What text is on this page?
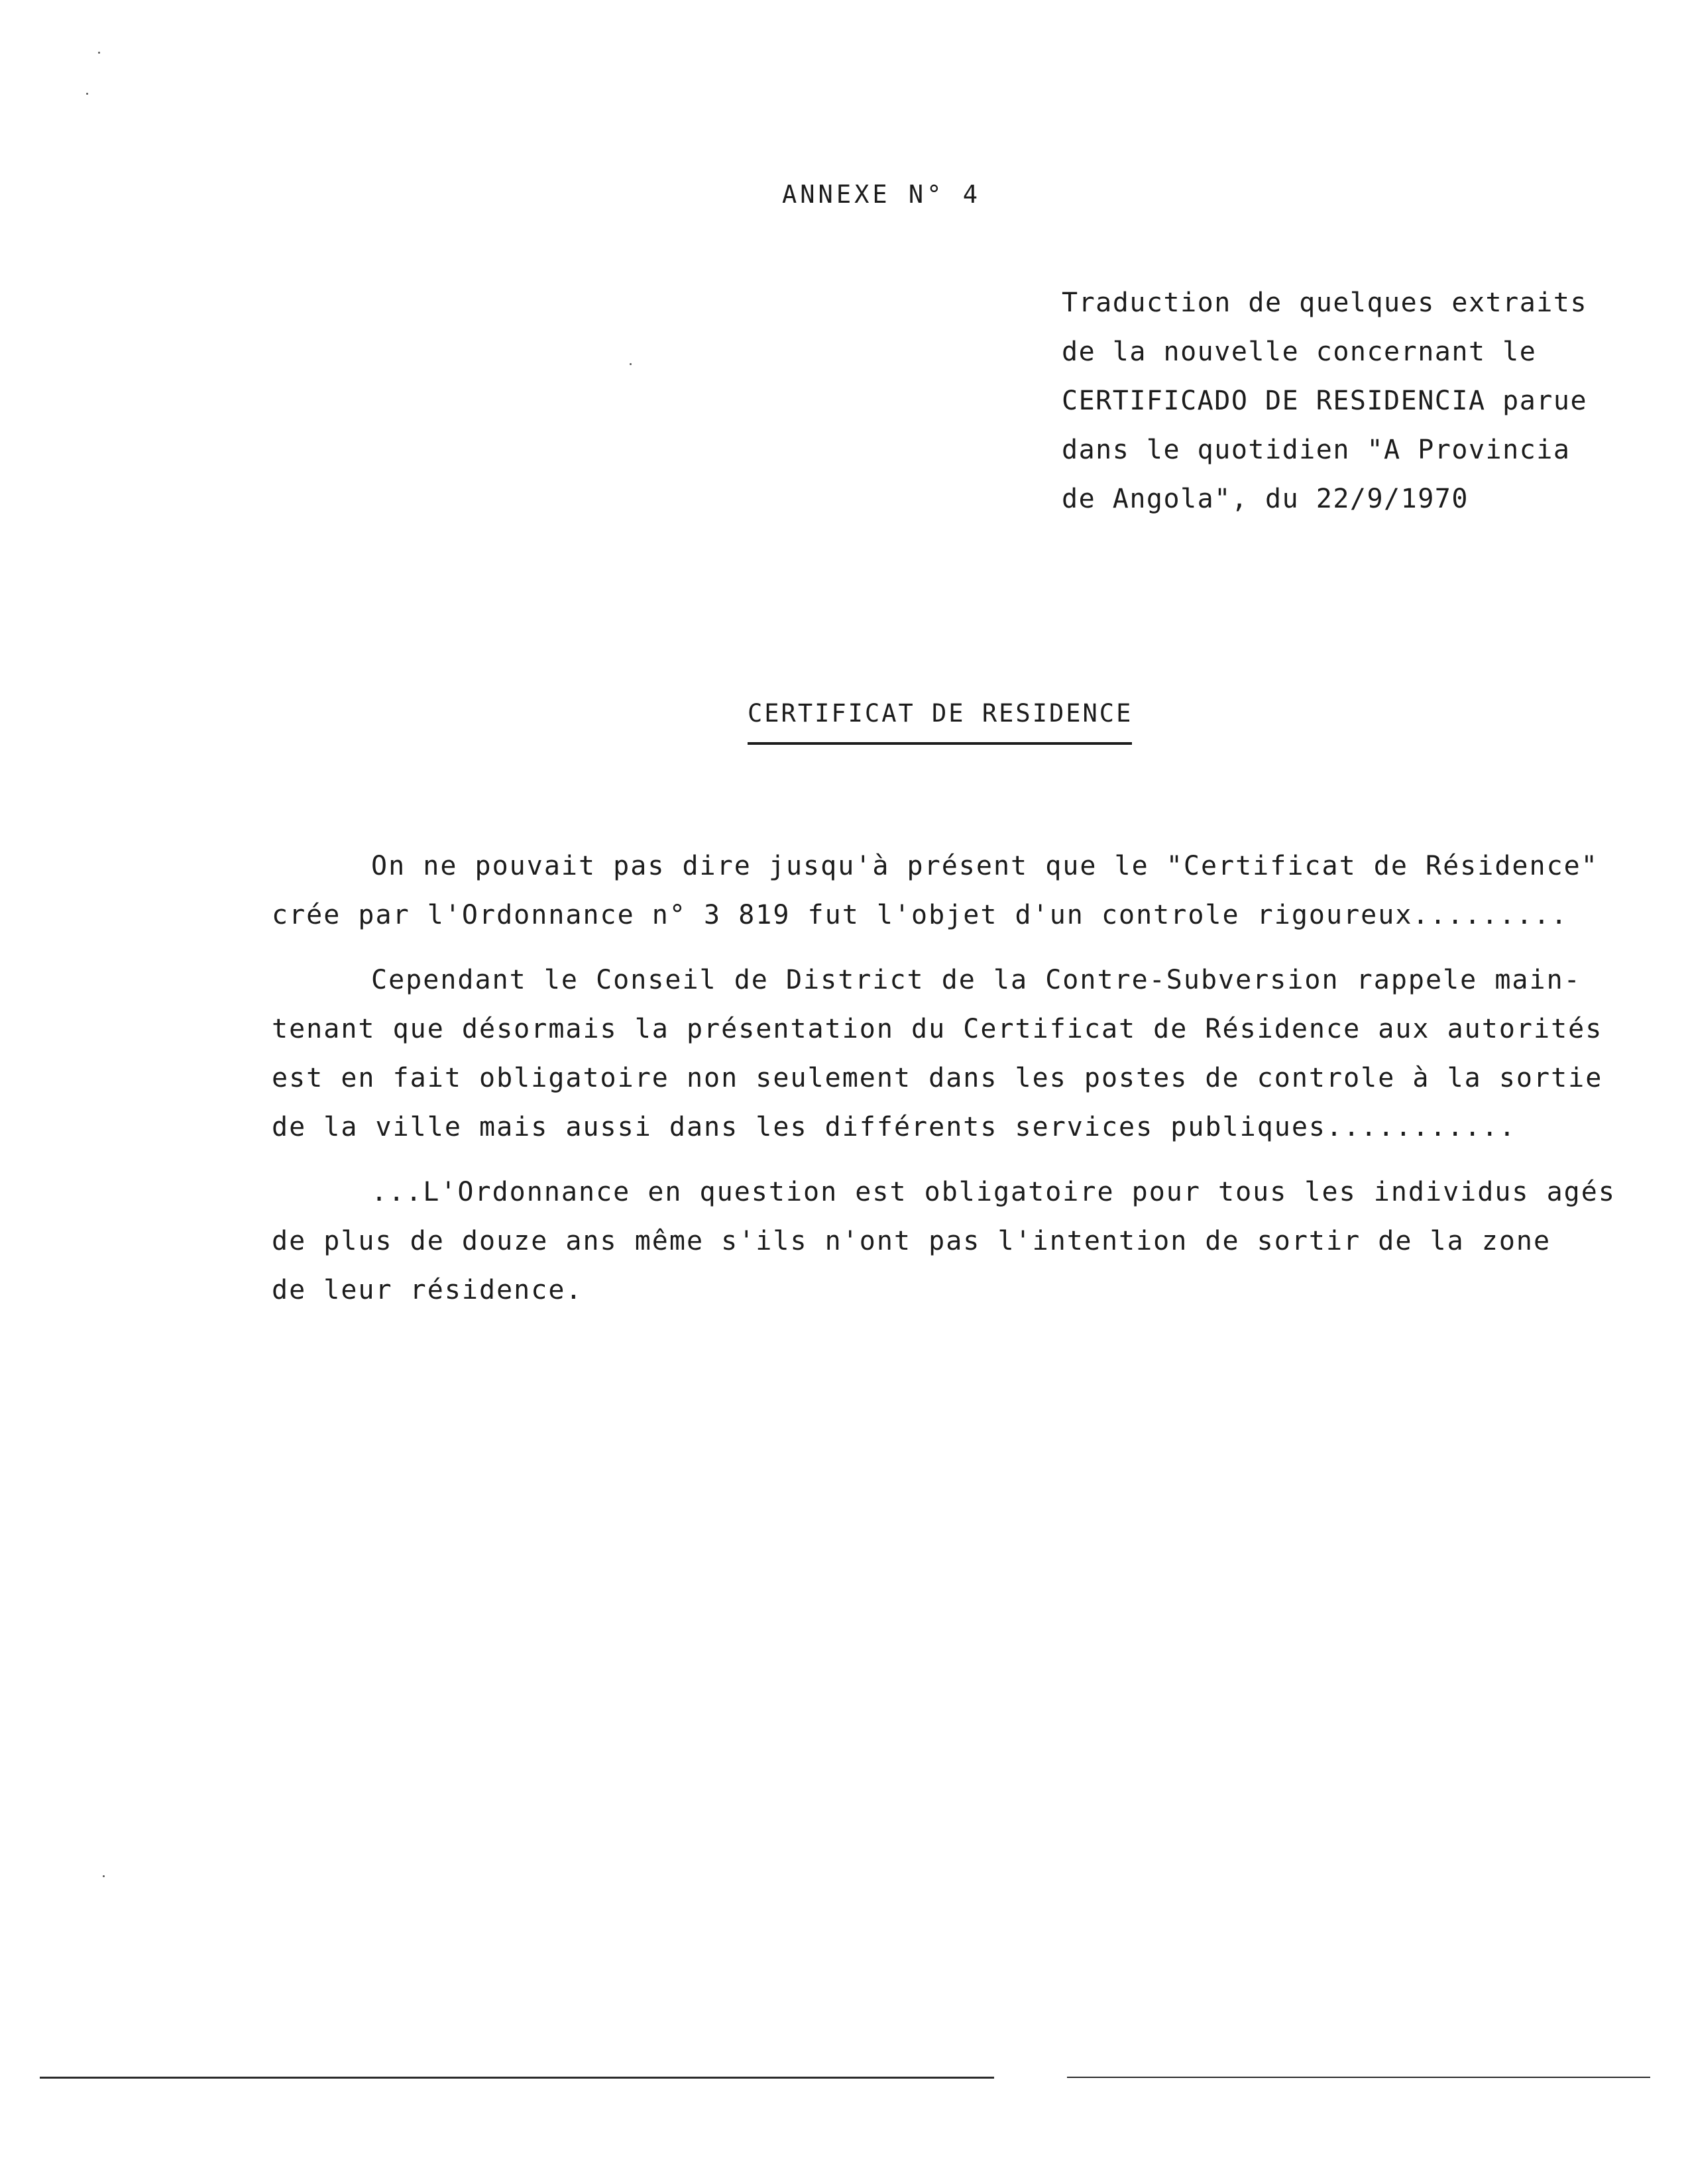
ANNEXE N° 4
Traduction de quelques extraits
de la nouvelle concernant le
CERTIFICADO DE RESIDENCIA parue
dans le quotidien "A Provincia
de Angola", du 22/9/1970
CERTIFICAT DE RESIDENCE
On ne pouvait pas dire jusqu'à présent que le "Certificat de Résidence"
crée par l'Ordonnance n° 3 819 fut l'objet d'un controle rigoureux.........
Cependant le Conseil de District de la Contre-Subversion rappele main-
tenant que désormais la présentation du Certificat de Résidence aux autorités
est en fait obligatoire non seulement dans les postes de controle à la sortie
de la ville mais aussi dans les différents services publiques...........
...L'Ordonnance en question est obligatoire pour tous les individus agés
de plus de douze ans même s'ils n'ont pas l'intention de sortir de la zone
de leur résidence.
